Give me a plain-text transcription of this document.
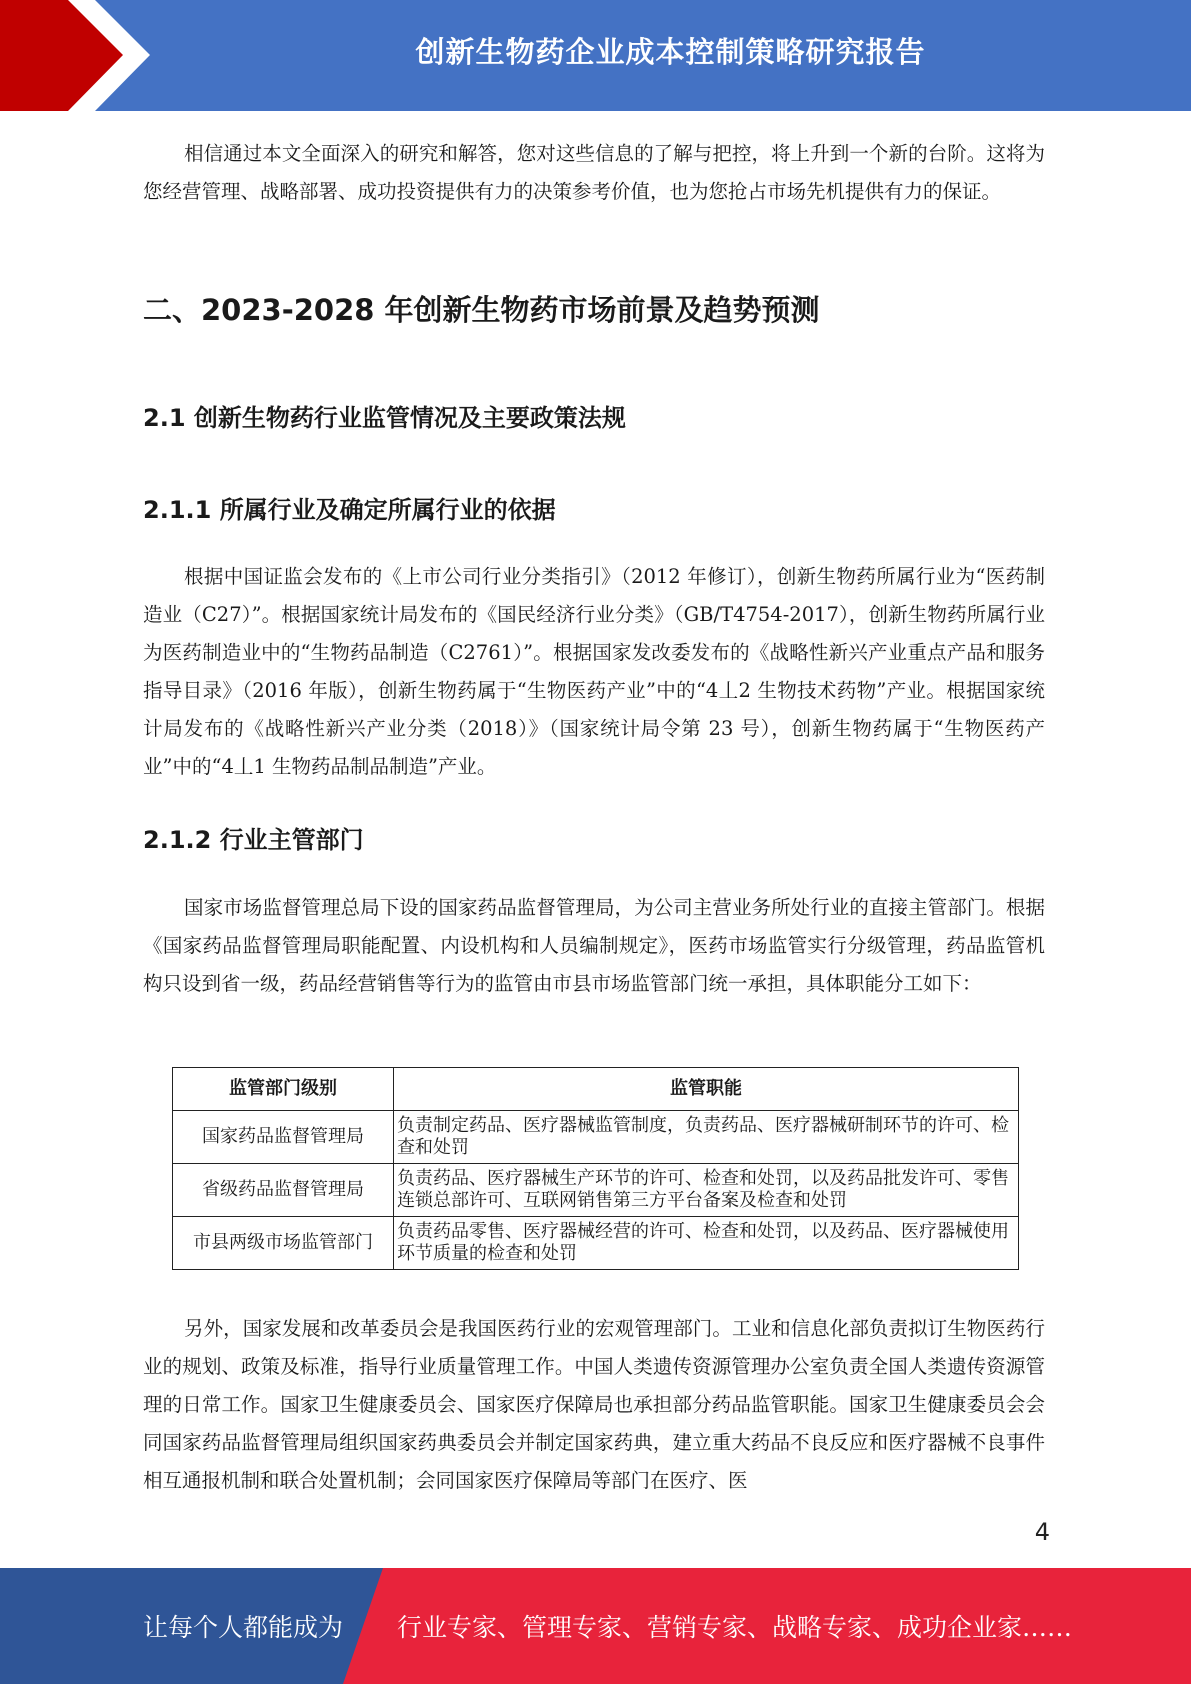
创新生物药企业成本控制策略研究报告

相信通过本文全面深入的研究和解答，您对这些信息的了解与把控，将上升到一个新的台阶。这将为您经营管理、战略部署、成功投资提供有力的决策参考价值，也为您抢占市场先机提供有力的保证。

二、2023-2028 年创新生物药市场前景及趋势预测
2.1 创新生物药行业监管情况及主要政策法规
2.1.1 所属行业及确定所属行业的依据

根据中国证监会发布的《上市公司行业分类指引》（2012 年修订），创新生物药所属行业为“医药制造业（C27）”。根据国家统计局发布的《国民经济行业分类》（GB/T4754-2017），创新生物药所属行业为医药制造业中的“生物药品制造（C2761）”。根据国家发改委发布的《战略性新兴产业重点产品和服务指导目录》（2016 年版），创新生物药属于“生物医药产业”中的“4丄2 生物技术药物”产业。根据国家统计局发布的《战略性新兴产业分类（2018）》（国家统计局令第 23 号），创新生物药属于“生物医药产业”中的“4丄1 生物药品制品制造”产业。

2.1.2 行业主管部门

国家市场监督管理总局下设的国家药品监督管理局，为公司主营业务所处行业的直接主管部门。根据《国家药品监督管理局职能配置、内设机构和人员编制规定》，医药市场监管实行分级管理，药品监管机构只设到省一级，药品经营销售等行为的监管由市县市场监管部门统一承担，具体职能分工如下：

监管部门级别	监管职能
国家药品监督管理局	负责制定药品、医疗器械监管制度，负责药品、医疗器械研制环节的许可、检查和处罚
省级药品监督管理局	负责药品、医疗器械生产环节的许可、检查和处罚，以及药品批发许可、零售连锁总部许可、互联网销售第三方平台备案及检查和处罚
市县两级市场监管部门	负责药品零售、医疗器械经营的许可、检查和处罚，以及药品、医疗器械使用环节质量的检查和处罚

另外，国家发展和改革委员会是我国医药行业的宏观管理部门。工业和信息化部负责拟订生物医药行业的规划、政策及标准，指导行业质量管理工作。中国人类遗传资源管理办公室负责全国人类遗传资源管理的日常工作。国家卫生健康委员会、国家医疗保障局也承担部分药品监管职能。国家卫生健康委员会会同国家药品监督管理局组织国家药典委员会并制定国家药典，建立重大药品不良反应和医疗器械不良事件相互通报机制和联合处置机制；会同国家医疗保障局等部门在医疗、医

4
让每个人都能成为 行业专家、管理专家、营销专家、战略专家、成功企业家……
